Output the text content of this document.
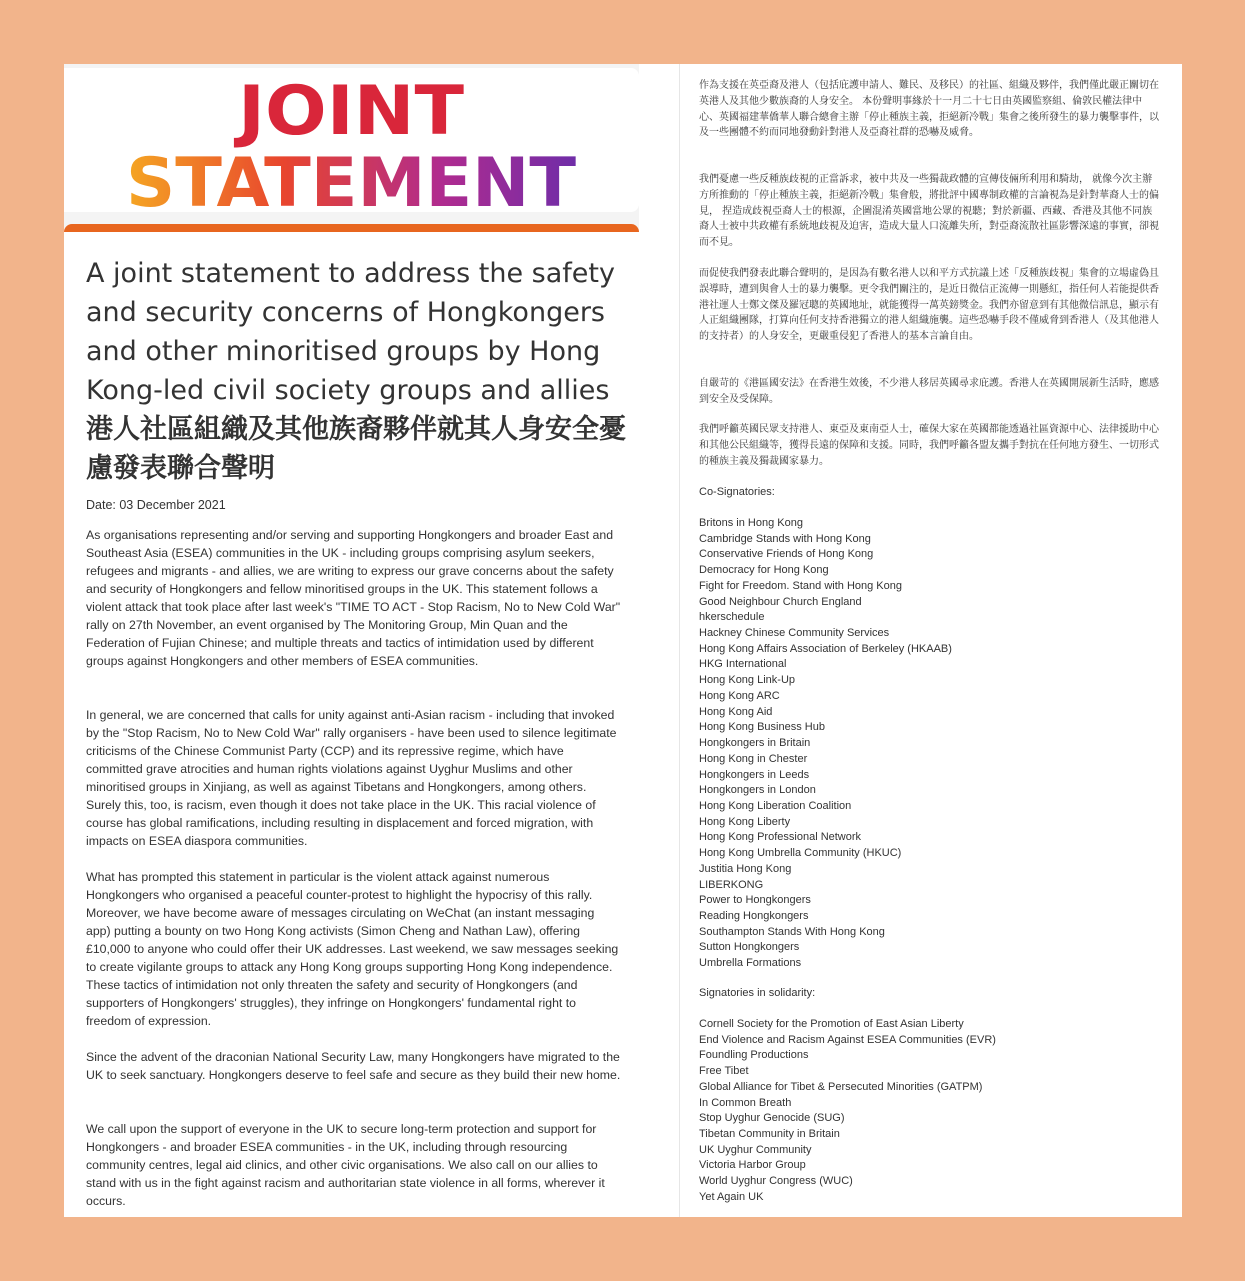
JOINT
STATEMENT
A joint statement to address the safety and security concerns of Hongkongers and other minoritised groups by Hong Kong-led civil society groups and allies
港人社區組織及其他族裔夥伴就其人身安全憂慮發表聯合聲明

Date: 03 December 2021

As organisations representing and/or serving and supporting Hongkongers and broader East and Southeast Asia (ESEA) communities in the UK - including groups comprising asylum seekers, refugees and migrants - and allies, we are writing to express our grave concerns about the safety and security of Hongkongers and fellow minoritised groups in the UK. This statement follows a violent attack that took place after last week's "TIME TO ACT - Stop Racism, No to New Cold War" rally on 27th November, an event organised by The Monitoring Group, Min Quan and the Federation of Fujian Chinese; and multiple threats and tactics of intimidation used by different groups against Hongkongers and other members of ESEA communities.

In general, we are concerned that calls for unity against anti-Asian racism - including that invoked by the "Stop Racism, No to New Cold War" rally organisers - have been used to silence legitimate criticisms of the Chinese Communist Party (CCP) and its repressive regime, which have committed grave atrocities and human rights violations against Uyghur Muslims and other minoritised groups in Xinjiang, as well as against Tibetans and Hongkongers, among others. Surely this, too, is racism, even though it does not take place in the UK. This racial violence of course has global ramifications, including resulting in displacement and forced migration, with impacts on ESEA diaspora communities.

What has prompted this statement in particular is the violent attack against numerous Hongkongers who organised a peaceful counter-protest to highlight the hypocrisy of this rally. Moreover, we have become aware of messages circulating on WeChat (an instant messaging app) putting a bounty on two Hong Kong activists (Simon Cheng and Nathan Law), offering £10,000 to anyone who could offer their UK addresses. Last weekend, we saw messages seeking to create vigilante groups to attack any Hong Kong groups supporting Hong Kong independence. These tactics of intimidation not only threaten the safety and security of Hongkongers (and supporters of Hongkongers' struggles), they infringe on Hongkongers' fundamental right to freedom of expression.

Since the advent of the draconian National Security Law, many Hongkongers have migrated to the UK to seek sanctuary. Hongkongers deserve to feel safe and secure as they build their new home.

We call upon the support of everyone in the UK to secure long-term protection and support for Hongkongers - and broader ESEA communities - in the UK, including through resourcing community centres, legal aid clinics, and other civic organisations. We also call on our allies to stand with us in the fight against racism and authoritarian state violence in all forms, wherever it occurs.

作為支援在英亞裔及港人（包括庇護申請人、難民、及移民）的社區、組織及夥伴，我們僅此嚴正關切在英港人及其他少數族裔的人身安全。 本份聲明事緣於十一月二十七日由英國監察組、倫敦民權法律中心、英國福建華僑華人聯合總會主辦「停止種族主義，拒絕新冷戰」集會之後所發生的暴力襲擊事件，以及一些團體不約而同地發動針對港人及亞裔社群的恐嚇及威脅。

我們憂慮一些反種族歧視的正當訴求，被中共及一些獨裁政體的宣傳伎倆所利用和騎劫， 就像今次主辦方所推動的「停止種族主義，拒絕新冷戰」集會般，將批評中國專制政權的言論視為是針對華裔人士的偏見， 捏造成歧視亞裔人士的根源，企圖混淆英國當地公眾的視聽；對於新疆、西藏、香港及其他不同族裔人士被中共政權有系統地歧視及迫害，造成大量人口流離失所，對亞裔流散社區影響深遠的事實，卻視而不見。

而促使我們發表此聯合聲明的，是因為有數名港人以和平方式抗議上述「反種族歧視」集會的立場虛偽且誤導時，遭到與會人士的暴力襲擊。更令我們關注的，是近日微信正流傳一則懸紅，指任何人若能提供香港社運人士鄭文傑及羅冠聰的英國地址，就能獲得一萬英鎊獎金。我們亦留意到有其他微信訊息，顯示有人正組織團隊，打算向任何支持香港獨立的港人組織施襲。這些恐嚇手段不僅威脅到香港人（及其他港人的支持者）的人身安全，更嚴重侵犯了香港人的基本言論自由。

自嚴苛的《港區國安法》在香港生效後，不少港人移居英國尋求庇護。香港人在英國開展新生活時，應感到安全及受保障。

我們呼籲英國民眾支持港人、東亞及東南亞人士，確保大家在英國都能透過社區資源中心、法律援助中心和其他公民組織等，獲得長遠的保障和支援。同時，我們呼籲各盟友攜手對抗在任何地方發生、一切形式的種族主義及獨裁國家暴力。

Co-Signatories:

Britons in Hong Kong
Cambridge Stands with Hong Kong
Conservative Friends of Hong Kong
Democracy for Hong Kong
Fight for Freedom. Stand with Hong Kong
Good Neighbour Church England
hkerschedule
Hackney Chinese Community Services
Hong Kong Affairs Association of Berkeley (HKAAB)
HKG International
Hong Kong Link-Up
Hong Kong ARC
Hong Kong Aid
Hong Kong Business Hub
Hongkongers in Britain
Hong Kong in Chester
Hongkongers in Leeds
Hongkongers in London
Hong Kong Liberation Coalition
Hong Kong Liberty
Hong Kong Professional Network
Hong Kong Umbrella Community (HKUC)
Justitia Hong Kong
LIBERKONG
Power to Hongkongers
Reading Hongkongers
Southampton Stands With Hong Kong
Sutton Hongkongers
Umbrella Formations

Signatories in solidarity:

Cornell Society for the Promotion of East Asian Liberty
End Violence and Racism Against ESEA Communities (EVR)
Foundling Productions
Free Tibet
Global Alliance for Tibet & Persecuted Minorities (GATPM)
In Common Breath
Stop Uyghur Genocide (SUG)
Tibetan Community in Britain
UK Uyghur Community
Victoria Harbor Group
World Uyghur Congress (WUC)
Yet Again UK
